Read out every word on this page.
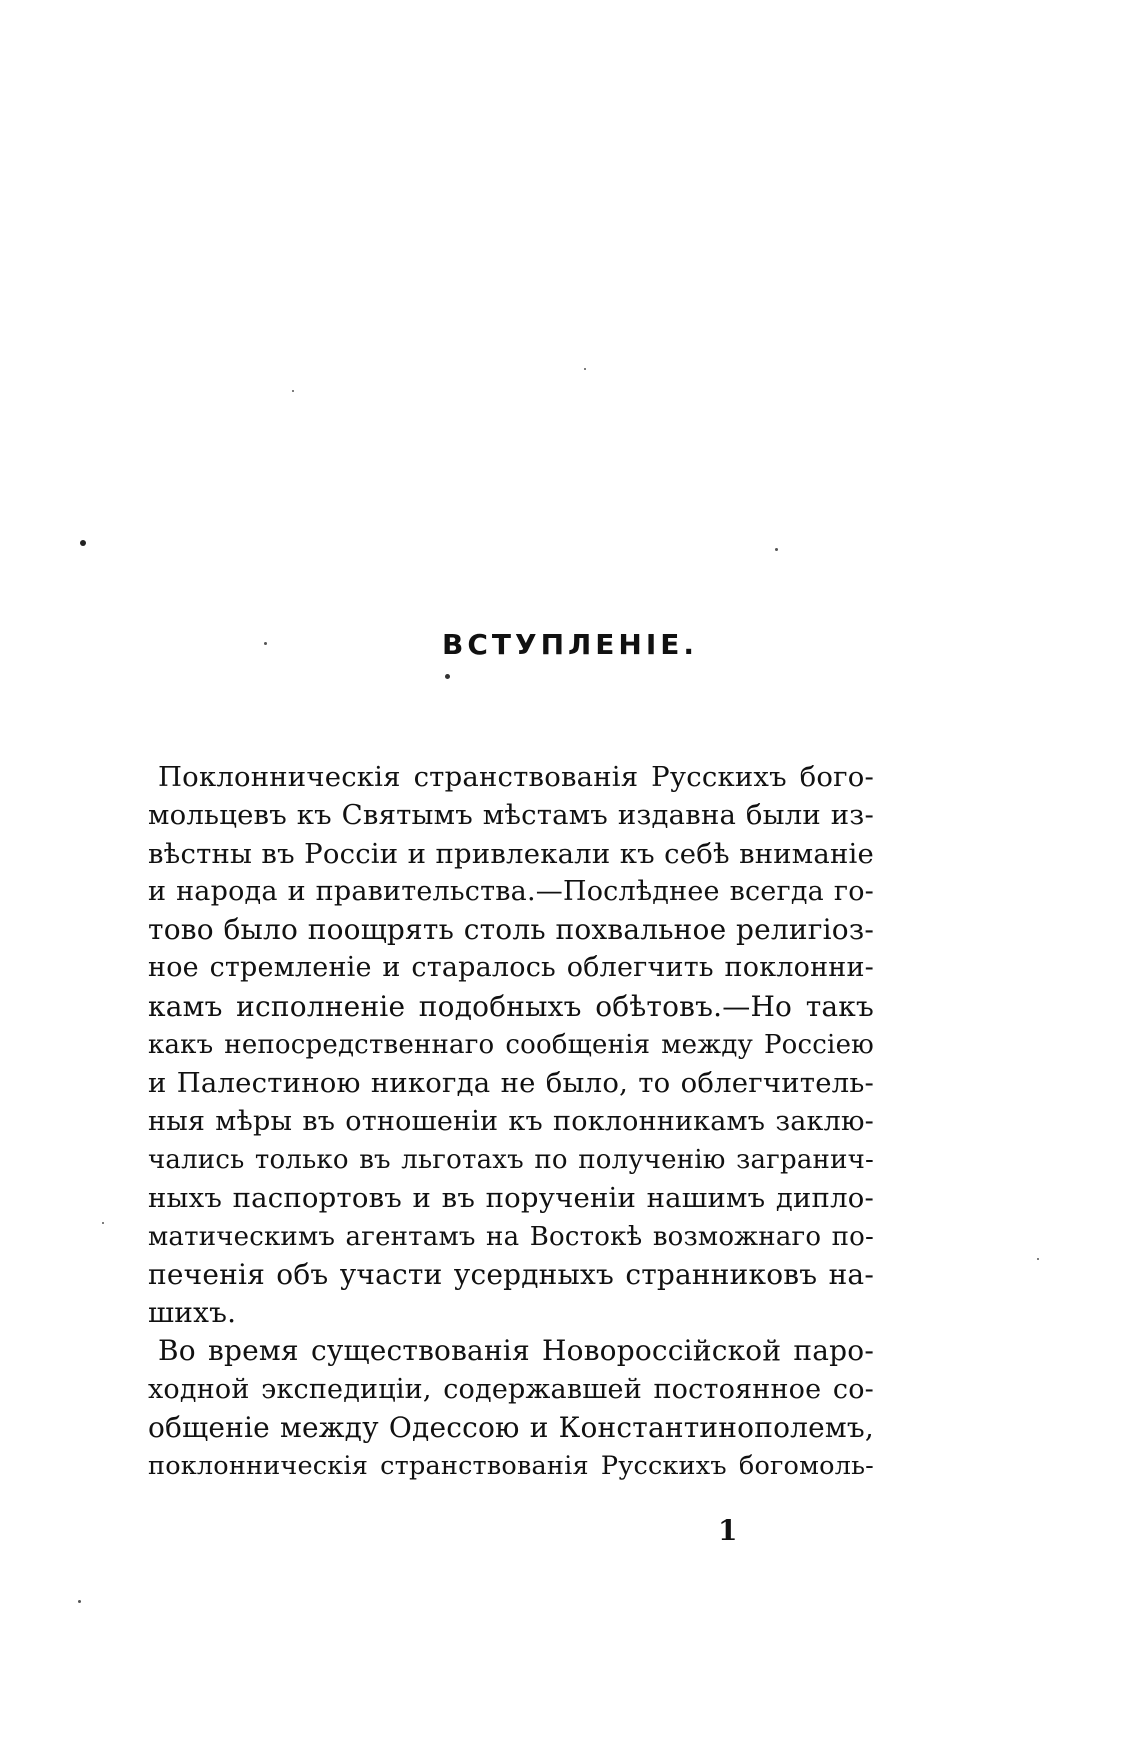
ВСТУПЛЕНІЕ.
Поклонническія странствованія Русскихъ бого-
мольцевъ къ Святымъ мѣстамъ издавна были из-
вѣстны въ Россіи и привлекали къ себѣ вниманіе
и народа и правительства.—Послѣднее всегда го-
тово было поощрять столь похвальное религіоз-
ное стремленіе и старалось облегчить поклонни-
камъ исполненіе подобныхъ обѣтовъ.—Но такъ
какъ непосредственнаго сообщенія между Россіею
и Палестиною никогда не было, то облегчитель-
ныя мѣры въ отношеніи къ поклонникамъ заклю-
чались только въ льготахъ по полученію загранич-
ныхъ паспортовъ и въ порученіи нашимъ дипло-
матическимъ агентамъ на Востокѣ возможнаго по-
печенія объ участи усердныхъ странниковъ на-
шихъ.
Во время существованія Новороссійской паро-
ходной экспедиціи, содержавшей постоянное со-
общеніе между Одессою и Константинополемъ,
поклонническія странствованія Русскихъ богомоль-
1
